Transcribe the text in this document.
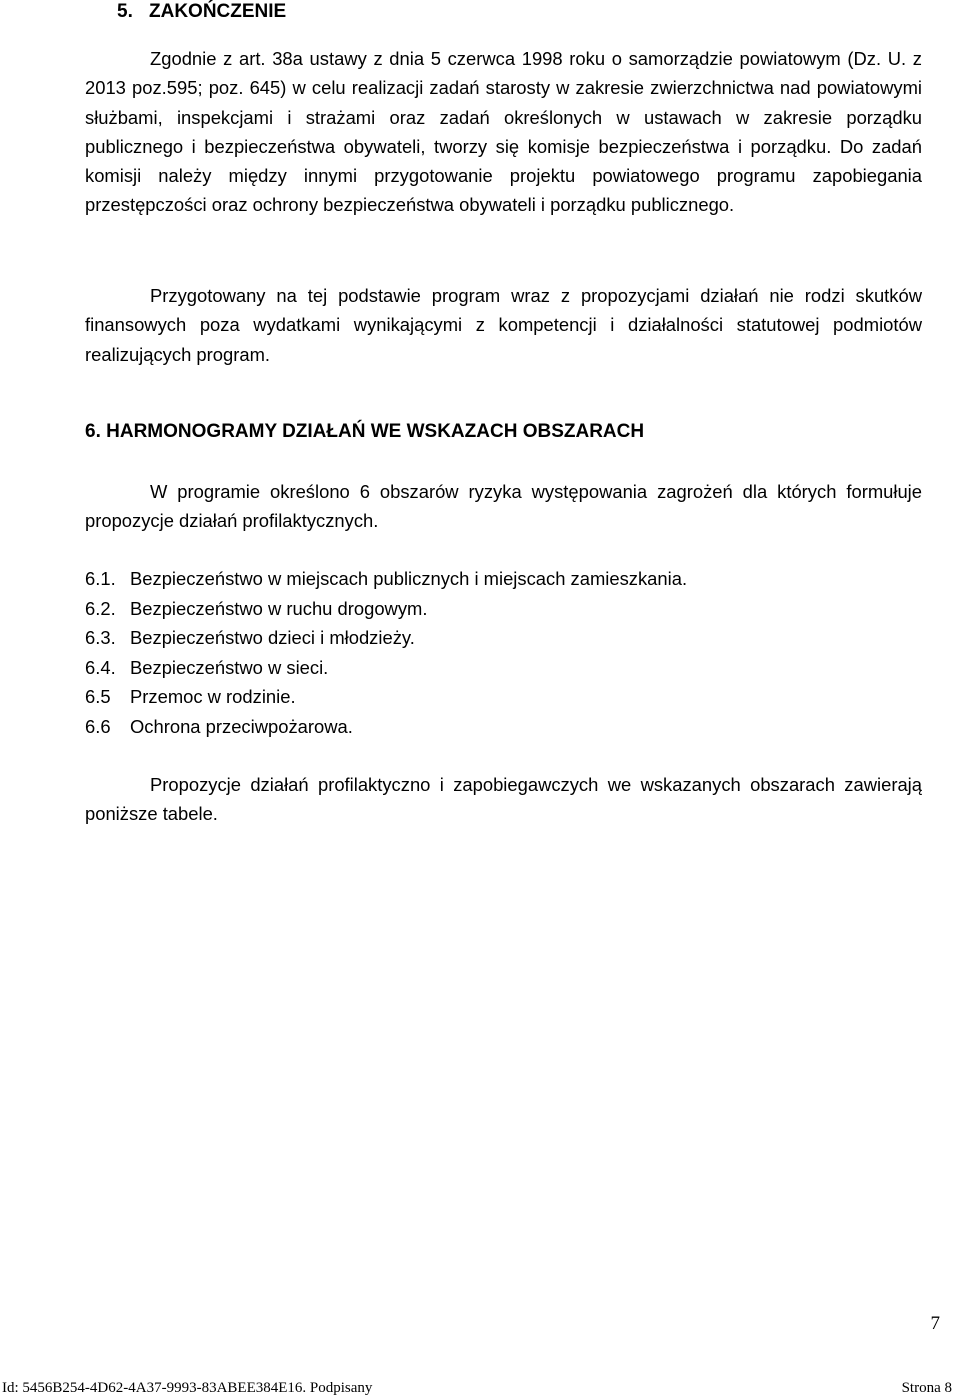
5. ZAKOŃCZENIE

Zgodnie z art. 38a ustawy z dnia 5 czerwca 1998 roku o samorządzie powiatowym (Dz. U. z 2013 poz.595; poz. 645) w celu realizacji zadań starosty w zakresie zwierzchnictwa nad powiatowymi służbami, inspekcjami i strażami oraz zadań określonych w ustawach w zakresie porządku publicznego i bezpieczeństwa obywateli, tworzy się komisje bezpieczeństwa i porządku. Do zadań komisji należy między innymi przygotowanie projektu powiatowego programu zapobiegania przestępczości oraz ochrony bezpieczeństwa obywateli i porządku publicznego.

Przygotowany na tej podstawie program wraz z propozycjami działań nie rodzi skutków finansowych poza wydatkami wynikającymi z kompetencji i działalności statutowej podmiotów realizujących program.

6. HARMONOGRAMY DZIAŁAŃ WE WSKAZACH OBSZARACH

W programie określono 6 obszarów ryzyka występowania zagrożeń dla których formułuje propozycje działań profilaktycznych.

6.1. Bezpieczeństwo w miejscach publicznych i miejscach zamieszkania.
6.2. Bezpieczeństwo w ruchu drogowym.
6.3. Bezpieczeństwo dzieci i młodzieży.
6.4. Bezpieczeństwo w sieci.
6.5 Przemoc w rodzinie.
6.6 Ochrona przeciwpożarowa.

Propozycje działań profilaktyczno i zapobiegawczych we wskazanych obszarach zawierają poniższe tabele.

7
Id: 5456B254-4D62-4A37-9993-83ABEE384E16. Podpisany	Strona 8
